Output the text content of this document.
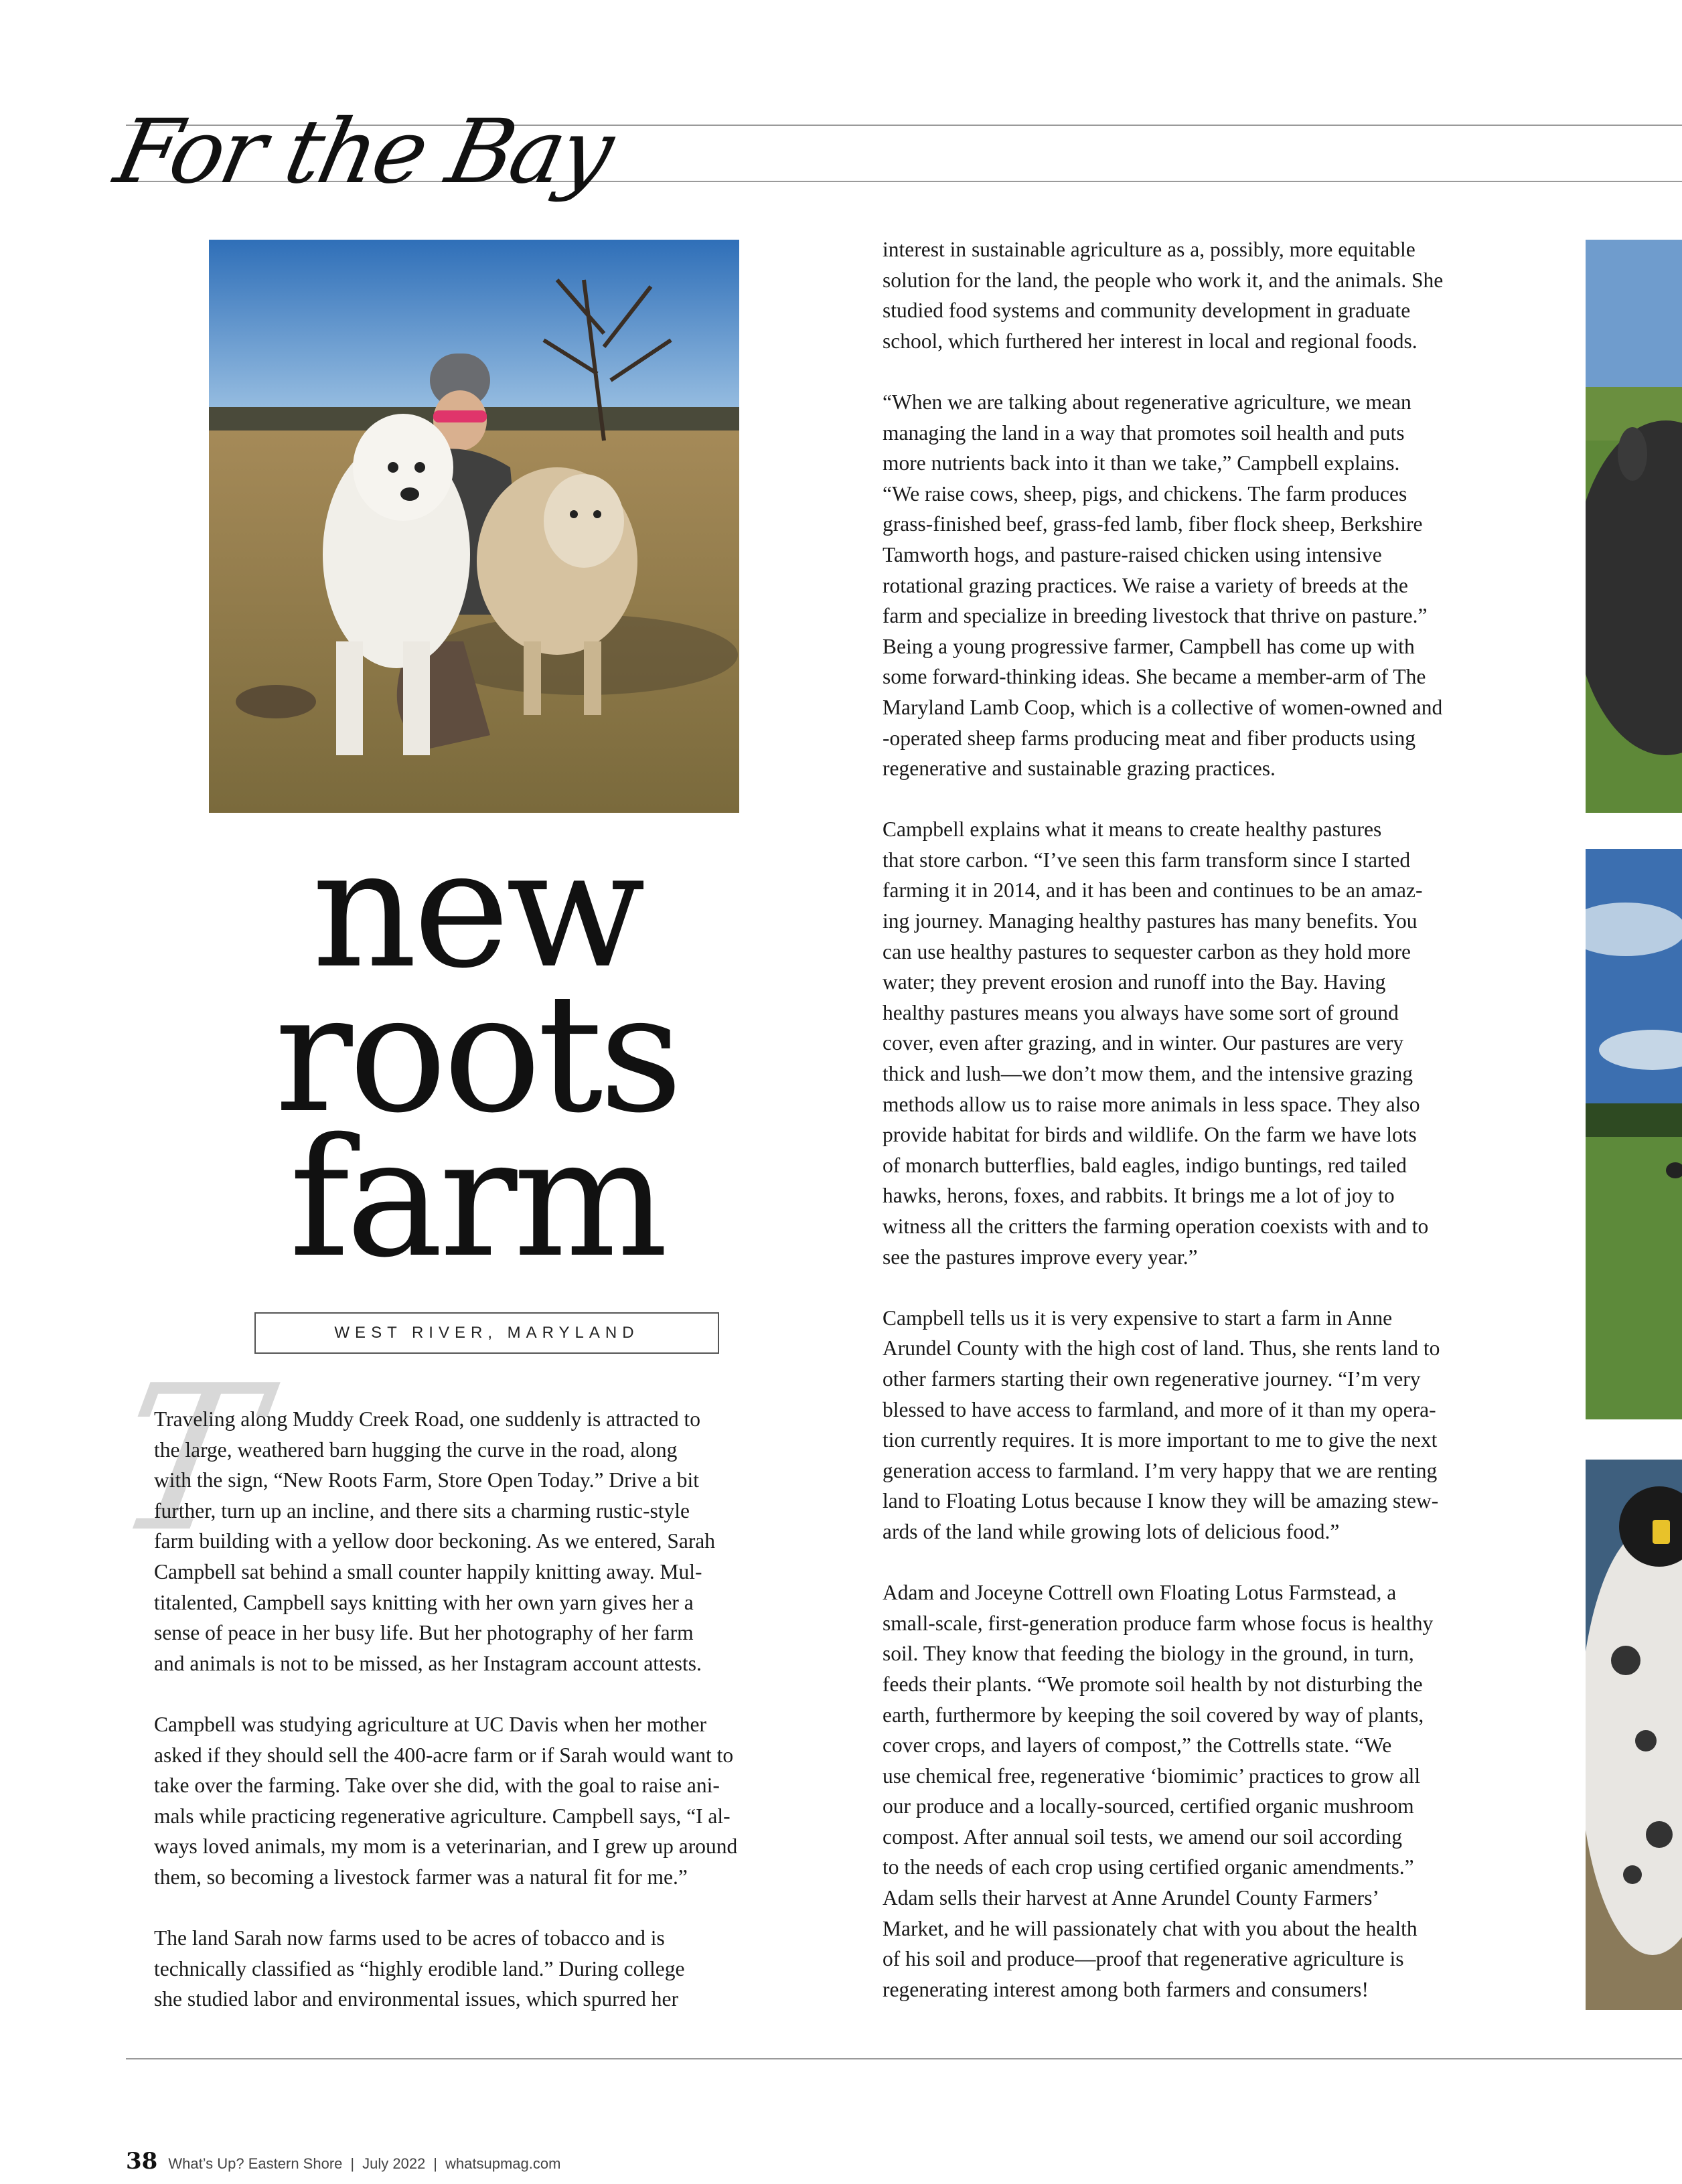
For the Bay
new
roots
farm
WEST RIVER, MARYLAND
T

Traveling along Muddy Creek Road, one suddenly is attracted to
the large, weathered barn hugging the curve in the road, along
with the sign, “New Roots Farm, Store Open Today.” Drive a bit
further, turn up an incline, and there sits a charming rustic-style
farm building with a yellow door beckoning. As we entered, Sarah
Campbell sat behind a small counter happily knitting away. Mul-
titalented, Campbell says knitting with her own yarn gives her a
sense of peace in her busy life. But her photography of her farm
and animals is not to be missed, as her Instagram account attests.

Campbell was studying agriculture at UC Davis when her mother
asked if they should sell the 400-acre farm or if Sarah would want to
take over the farming. Take over she did, with the goal to raise ani-
mals while practicing regenerative agriculture. Campbell says, “I al-
ways loved animals, my mom is a veterinarian, and I grew up around
them, so becoming a livestock farmer was a natural fit for me.”

The land Sarah now farms used to be acres of tobacco and is
technically classified as “highly erodible land.” During college
she studied labor and environmental issues, which spurred her

interest in sustainable agriculture as a, possibly, more equitable
solution for the land, the people who work it, and the animals. She
studied food systems and community development in graduate
school, which furthered her interest in local and regional foods.

“When we are talking about regenerative agriculture, we mean
managing the land in a way that promotes soil health and puts
more nutrients back into it than we take,” Campbell explains.
“We raise cows, sheep, pigs, and chickens. The farm produces
grass-finished beef, grass-fed lamb, fiber flock sheep, Berkshire
Tamworth hogs, and pasture-raised chicken using intensive
rotational grazing practices. We raise a variety of breeds at the
farm and specialize in breeding livestock that thrive on pasture.”
Being a young progressive farmer, Campbell has come up with
some forward-thinking ideas. She became a member-arm of The
Maryland Lamb Coop, which is a collective of women-owned and
-operated sheep farms producing meat and fiber products using
regenerative and sustainable grazing practices.

Campbell explains what it means to create healthy pastures
that store carbon. “I’ve seen this farm transform since I started
farming it in 2014, and it has been and continues to be an amaz-
ing journey. Managing healthy pastures has many benefits. You
can use healthy pastures to sequester carbon as they hold more
water; they prevent erosion and runoff into the Bay. Having
healthy pastures means you always have some sort of ground
cover, even after grazing, and in winter. Our pastures are very
thick and lush—we don’t mow them, and the intensive grazing
methods allow us to raise more animals in less space. They also
provide habitat for birds and wildlife. On the farm we have lots
of monarch butterflies, bald eagles, indigo buntings, red tailed
hawks, herons, foxes, and rabbits. It brings me a lot of joy to
witness all the critters the farming operation coexists with and to
see the pastures improve every year.”

Campbell tells us it is very expensive to start a farm in Anne
Arundel County with the high cost of land. Thus, she rents land to
other farmers starting their own regenerative journey. “I’m very
blessed to have access to farmland, and more of it than my opera-
tion currently requires. It is more important to me to give the next
generation access to farmland. I’m very happy that we are renting
land to Floating Lotus because I know they will be amazing stew-
ards of the land while growing lots of delicious food.”

Adam and Joceyne Cottrell own Floating Lotus Farmstead, a
small-scale, first-generation produce farm whose focus is healthy
soil. They know that feeding the biology in the ground, in turn,
feeds their plants. “We promote soil health by not disturbing the
earth, furthermore by keeping the soil covered by way of plants,
cover crops, and layers of compost,” the Cottrells state. “We
use chemical free, regenerative ‘biomimic’ practices to grow all
our produce and a locally-sourced, certified organic mushroom
compost. After annual soil tests, we amend our soil according
to the needs of each crop using certified organic amendments.”
Adam sells their harvest at Anne Arundel County Farmers’
Market, and he will passionately chat with you about the health
of his soil and produce—proof that regenerative agriculture is
regenerating interest among both farmers and consumers!

38 What’s Up? Eastern Shore | July 2022 | whatsupmag.com
